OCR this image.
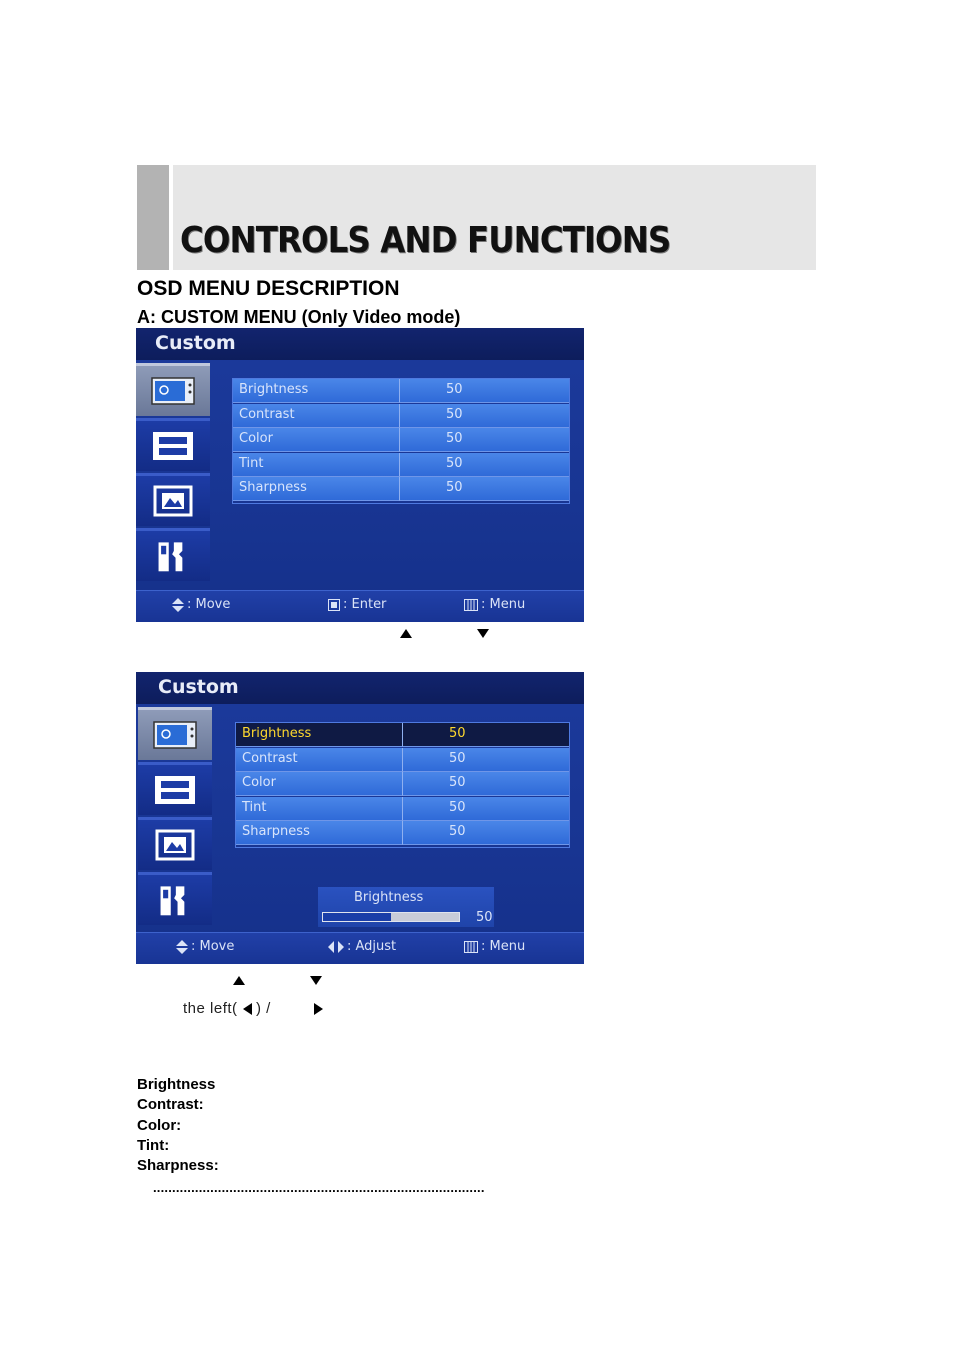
CONTROLS AND FUNCTIONS
OSD MENU DESCRIPTION
A: CUSTOM MENU (Only Video mode)
Custom
Brightness	50
Contrast	50
Color	50
Tint	50
Sharpness	50
: Move	: Enter	: Menu
Custom
Brightness	50
Contrast	50
Color	50
Tint	50
Sharpness	50
Brightness
50
: Move	: Adjust	: Menu
the left( ) /
Brightness
Contrast:
Color:
Tint:
Sharpness:
.......................................................................................
